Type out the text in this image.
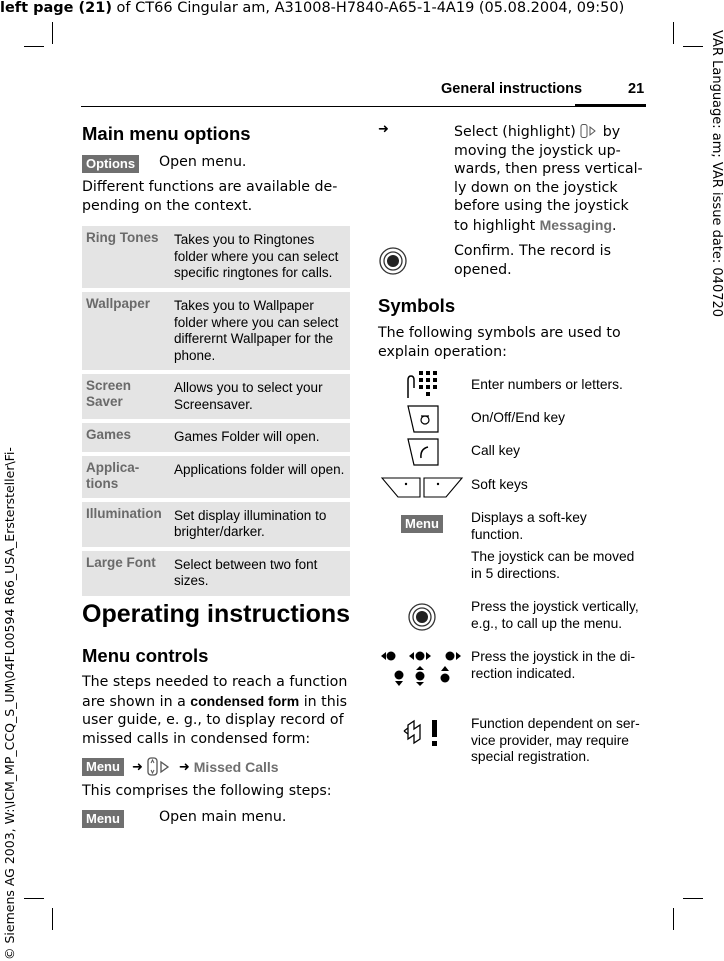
left page (21) of CT66 Cingular am, A31008-H7840-A65-1-4A19 (05.08.2004, 09:50)
VAR Language: am; VAR issue date: 040720
© Siemens AG 2003, W:\ICM_MP_CCQ_S_UM\04FL00594 R66_USA_Erstersteller\Fi-
General instructions	21
Main menu options
Options Open menu.
Different functions are available de-
pending on the context.
Ring Tones	Takes you to Ringtones folder where you can select specific ringtones for calls.
Wallpaper	Takes you to Wallpaper folder where you can select differernt Wallpaper for the phone.
Screen
Saver	Allows you to select your Screensaver.
Games	Games Folder will open.
Applica-
tions	Applications folder will open.
Illumination	Set display illumination to brighter/darker.
Large Font	Select between two font sizes.
Operating instructions
Menu controls
The steps needed to reach a function
are shown in a condensed form in this
user guide, e. g., to display record of
missed calls in condensed form:
Menu ➜	➜ Missed Calls
This comprises the following steps:
Menu	Open main menu.
➜	Select (highlight)  by
moving the joystick up-
wards, then press vertical-
ly down on the joystick
before using the joystick
to highlight Messaging.
Confirm. The record is
opened.
Symbols
The following symbols are used to
explain operation:
Enter numbers or letters.
On/Off/End key
Call key
Soft keys
Menu Displays a soft-key function.
The joystick can be moved in 5 directions.
Press the joystick vertically, e.g., to call up the menu.
Press the joystick in the di-rection indicated.
Function dependent on ser-vice provider, may require special registration.
